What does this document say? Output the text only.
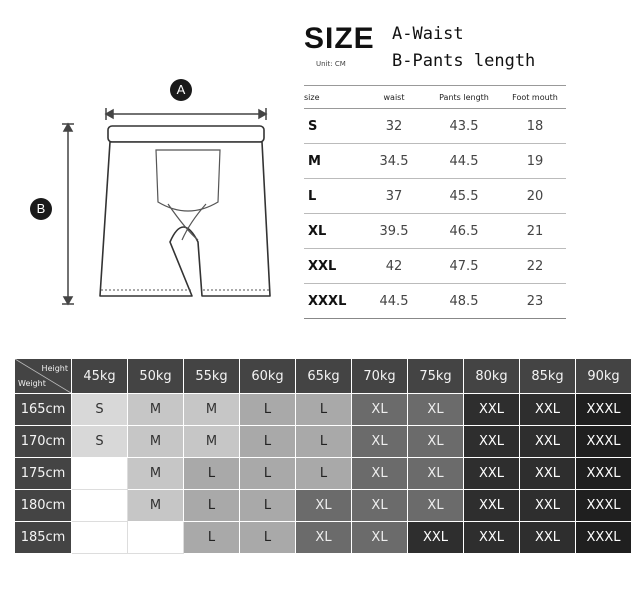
SIZE
Unit: CM
A-Waist
B-Pants length
A
B
size	waist	Pants length	Foot mouth
S	32	43.5	18
M	34.5	44.5	19
L	37	45.5	20
XL	39.5	46.5	21
XXL	42	47.5	22
XXXL	44.5	48.5	23
Height
Weight	45kg	50kg	55kg	60kg	65kg	70kg	75kg	80kg	85kg	90kg
165cm	S	M	M	L	L	XL	XL	XXL	XXL	XXXL
170cm	S	M	M	L	L	XL	XL	XXL	XXL	XXXL
175cm		M	L	L	L	XL	XL	XXL	XXL	XXXL
180cm		M	L	L	XL	XL	XL	XXL	XXL	XXXL
185cm			L	L	XL	XL	XXL	XXL	XXL	XXXL
